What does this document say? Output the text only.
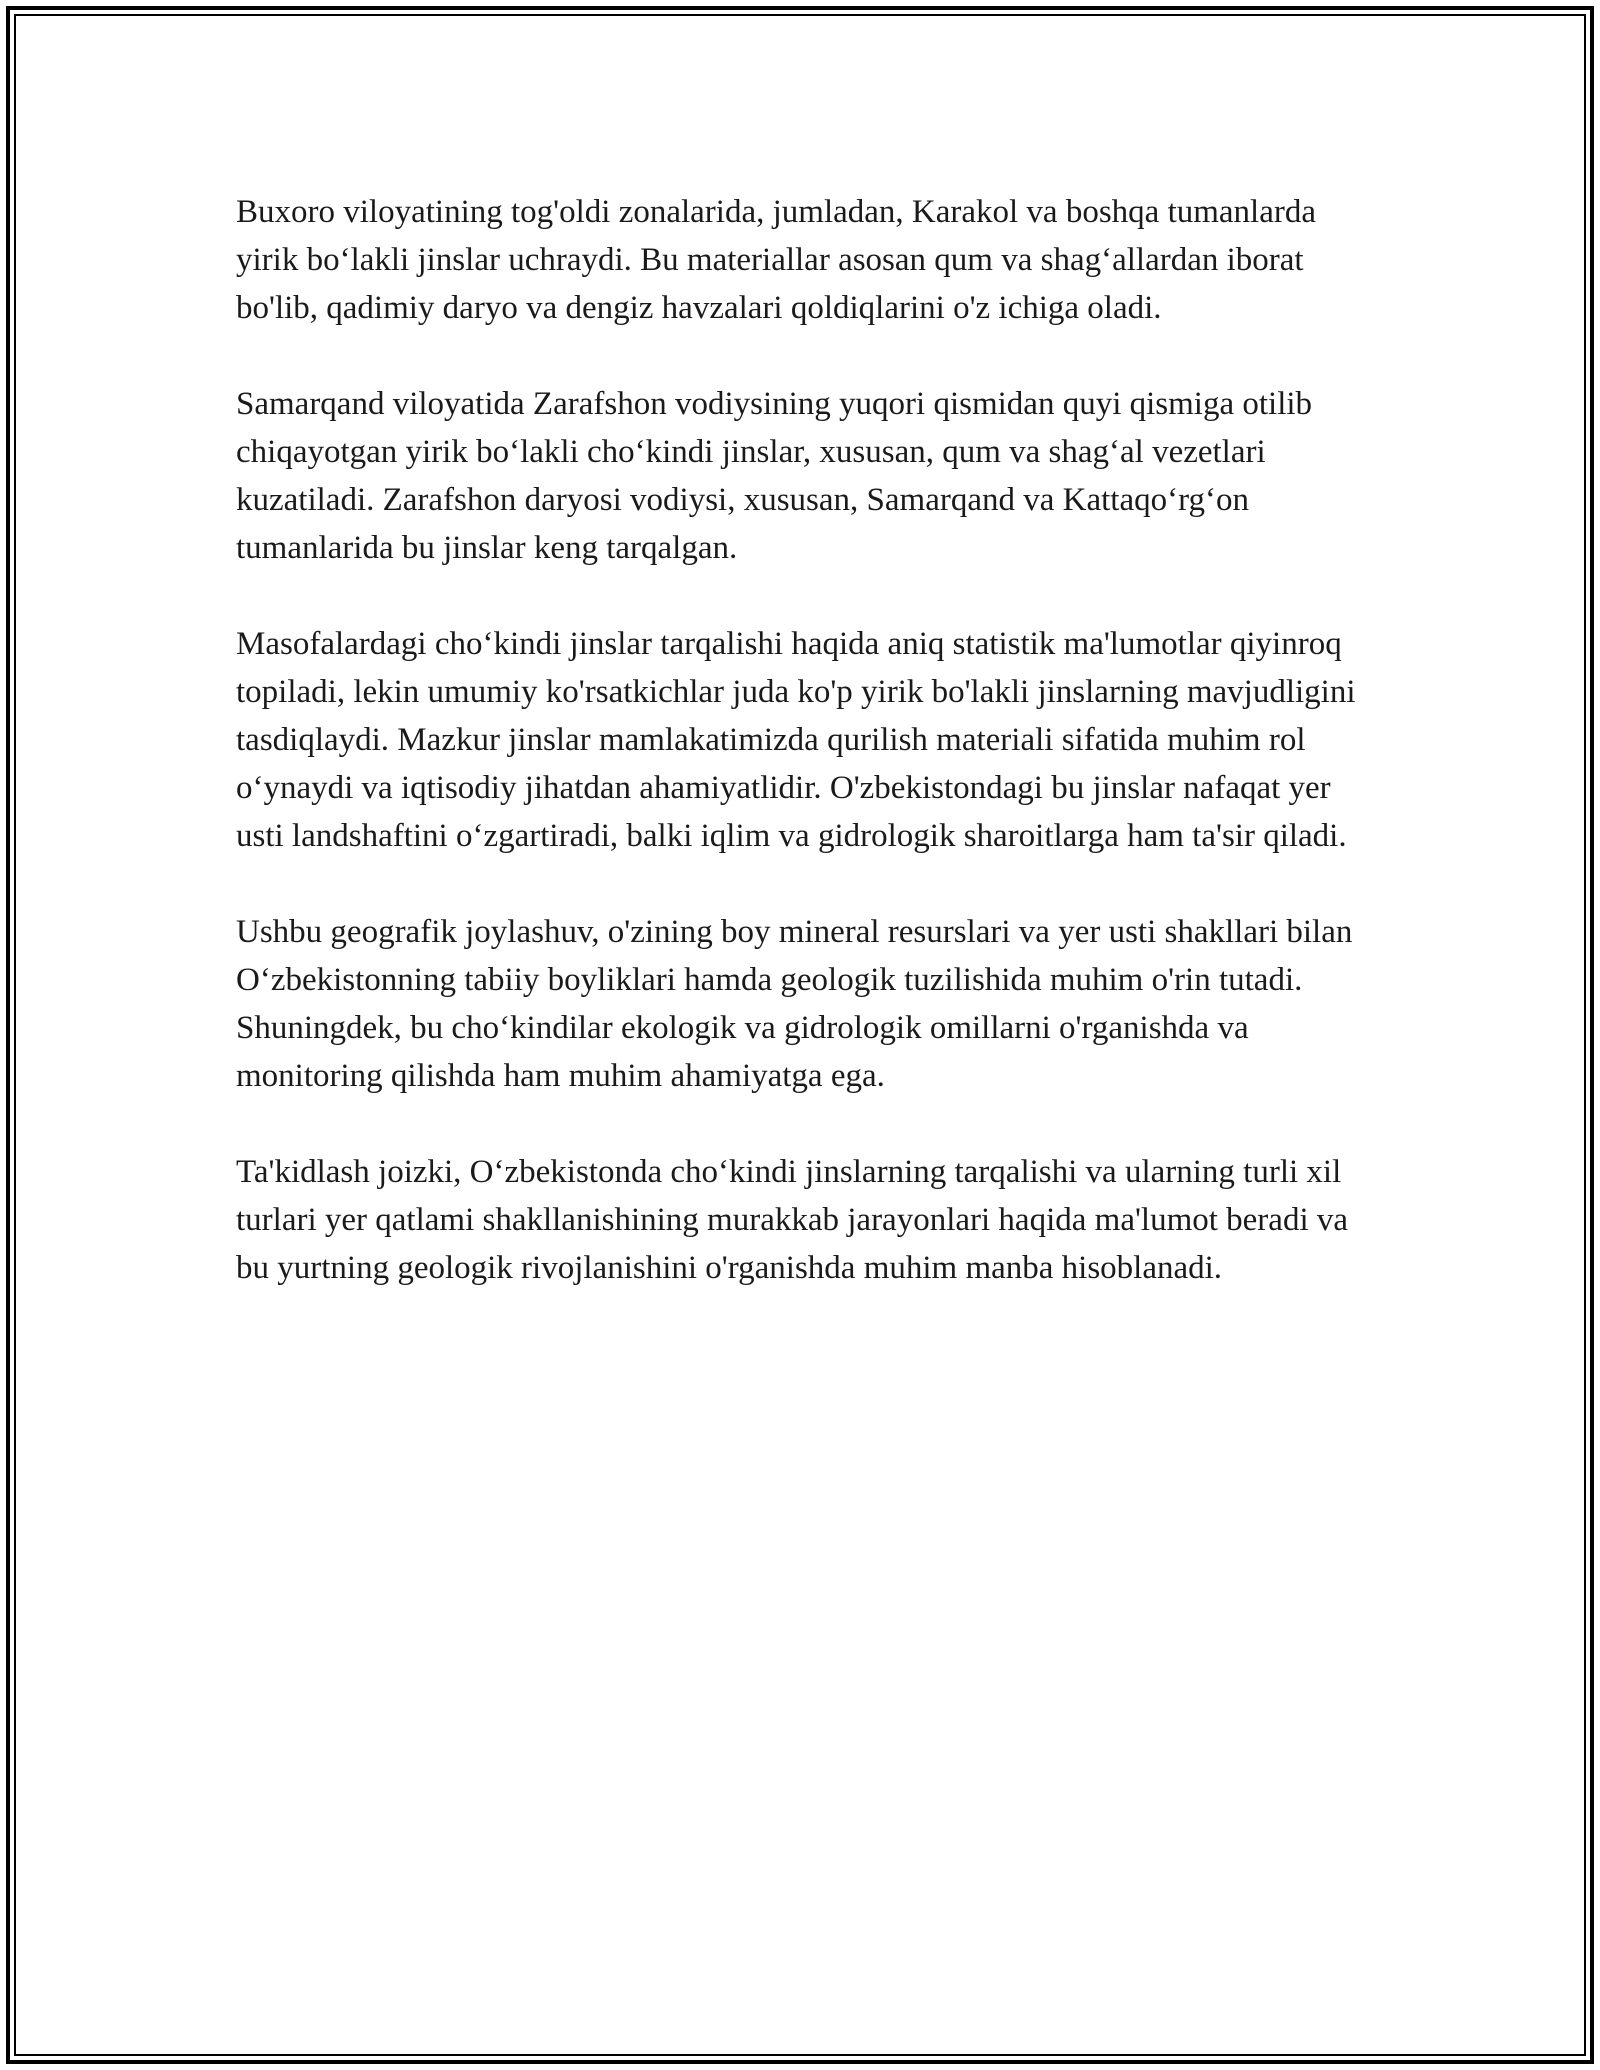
Buxoro viloyatining tog'oldi zonalarida, jumladan, Karakol va boshqa tumanlarda yirik bo‘lakli jinslar uchraydi. Bu materiallar asosan qum va shag‘allardan iborat bo'lib, qadimiy daryo va dengiz havzalari qoldiqlarini o'z ichiga oladi.

Samarqand viloyatida Zarafshon vodiysining yuqori qismidan quyi qismiga otilib chiqayotgan yirik bo‘lakli cho‘kindi jinslar, xususan, qum va shag‘al vezetlari kuzatiladi. Zarafshon daryosi vodiysi, xususan, Samarqand va Kattaqo‘rg‘on tumanlarida bu jinslar keng tarqalgan.

Masofalardagi cho‘kindi jinslar tarqalishi haqida aniq statistik ma'lumotlar qiyinroq topiladi, lekin umumiy ko'rsatkichlar juda ko'p yirik bo'lakli jinslarning mavjudligini tasdiqlaydi. Mazkur jinslar mamlakatimizda qurilish materiali sifatida muhim rol o‘ynaydi va iqtisodiy jihatdan ahamiyatlidir. O'zbekistondagi bu jinslar nafaqat yer usti landshaftini o‘zgartiradi, balki iqlim va gidrologik sharoitlarga ham ta'sir qiladi.

Ushbu geografik joylashuv, o'zining boy mineral resurslari va yer usti shakllari bilan O‘zbekistonning tabiiy boyliklari hamda geologik tuzilishida muhim o'rin tutadi. Shuningdek, bu cho‘kindilar ekologik va gidrologik omillarni o'rganishda va monitoring qilishda ham muhim ahamiyatga ega.

Ta'kidlash joizki, O‘zbekistonda cho‘kindi jinslarning tarqalishi va ularning turli xil turlari yer qatlami shakllanishining murakkab jarayonlari haqida ma'lumot beradi va bu yurtning geologik rivojlanishini o'rganishda muhim manba hisoblanadi.
